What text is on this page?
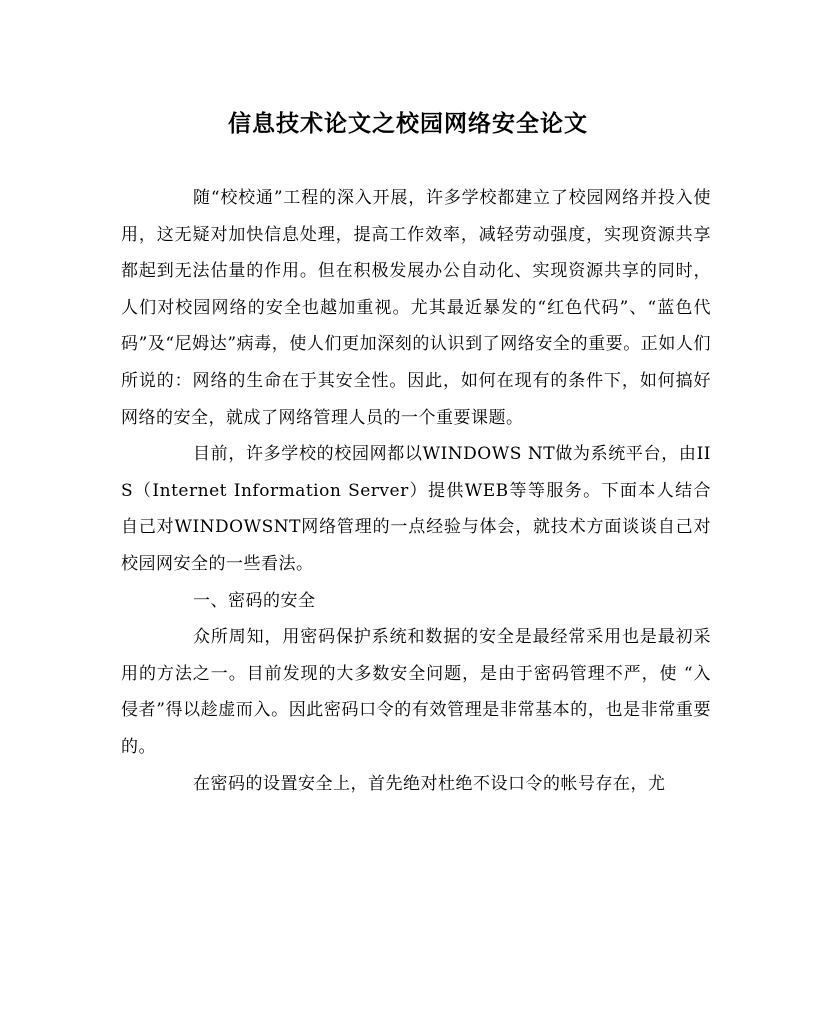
信息技术论文之校园网络安全论文

随“校校通”工程的深入开展，许多学校都建立了校园网络并投入使用，这无疑对加快信息处理，提高工作效率，减轻劳动强度，实现资源共享都起到无法估量的作用。但在积极发展办公自动化、实现资源共享的同时，人们对校园网络的安全也越加重视。尤其最近暴发的“红色代码”、“蓝色代码”及“尼姆达”病毒，使人们更加深刻的认识到了网络安全的重要。正如人们所说的：网络的生命在于其安全性。因此，如何在现有的条件下，如何搞好网络的安全，就成了网络管理人员的一个重要课题。

目前，许多学校的校园网都以WINDOWS NT做为系统平台，由IIS（Internet Information Server）提供WEB等等服务。下面本人结合自己对WINDOWSNT网络管理的一点经验与体会，就技术方面谈谈自己对校园网安全的一些看法。

一、密码的安全

众所周知，用密码保护系统和数据的安全是最经常采用也是最初采用的方法之一。目前发现的大多数安全问题，是由于密码管理不严，使 “入侵者”得以趁虚而入。因此密码口令的有效管理是非常基本的，也是非常重要的。

在密码的设置安全上，首先绝对杜绝不设口令的帐号存在，尤
